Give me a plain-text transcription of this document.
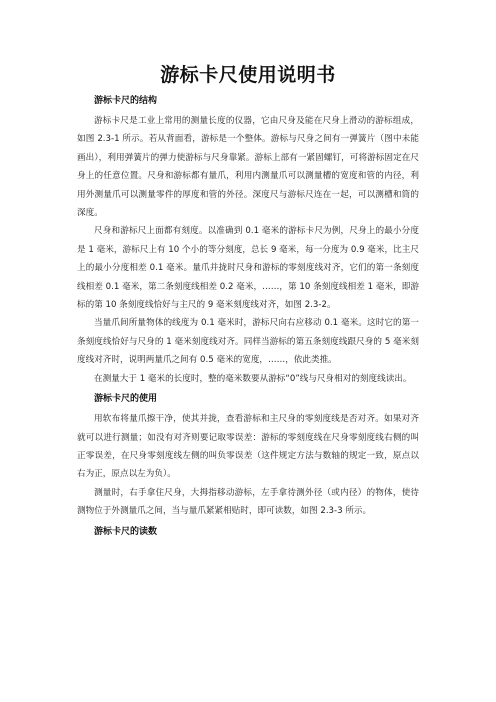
游标卡尺使用说明书

游标卡尺的结构

游标卡尺是工业上常用的测量长度的仪器，它由尺身及能在尺身上滑动的游标组成，如图 2.3-1 所示。若从背面看，游标是一个整体。游标与尺身之间有一弹簧片（图中未能画出），利用弹簧片的弹力使游标与尺身靠紧。游标上部有一紧固螺钉，可将游标固定在尺身上的任意位置。尺身和游标都有量爪，利用内测量爪可以测量槽的宽度和管的内径，利用外测量爪可以测量零件的厚度和管的外径。深度尺与游标尺连在一起，可以测槽和筒的深度。

尺身和游标尺上面都有刻度。以准确到 0.1 毫米的游标卡尺为例，尺身上的最小分度是 1 毫米，游标尺上有 10 个小的等分刻度，总长 9 毫米，每一分度为 0.9 毫米，比主尺上的最小分度相差 0.1 毫米。量爪并拢时尺身和游标的零刻度线对齐，它们的第一条刻度线相差 0.1 毫米，第二条刻度线相差 0.2 毫米，……，第 10 条刻度线相差 1 毫米，即游标的第 10 条刻度线恰好与主尺的 9 毫米刻度线对齐，如图 2.3-2。

当量爪间所量物体的线度为 0.1 毫米时，游标尺向右应移动 0.1 毫米。这时它的第一条刻度线恰好与尺身的 1 毫米刻度线对齐。同样当游标的第五条刻度线跟尺身的 5 毫米刻度线对齐时，说明两量爪之间有 0.5 毫米的宽度，……，依此类推。

在测量大于 1 毫米的长度时，整的毫米数要从游标“0”线与尺身相对的刻度线读出。

游标卡尺的使用

用软布将量爪擦干净，使其并拢，查看游标和主尺身的零刻度线是否对齐。如果对齐就可以进行测量；如没有对齐则要记取零误差：游标的零刻度线在尺身零刻度线右侧的叫正零误差，在尺身零刻度线左侧的叫负零误差（这件规定方法与数轴的规定一致，原点以右为正，原点以左为负）。

测量时，右手拿住尺身，大拇指移动游标，左手拿待测外径（或内径）的物体，使待测物位于外测量爪之间，当与量爪紧紧相贴时，即可读数，如图 2.3-3 所示。

游标卡尺的读数
